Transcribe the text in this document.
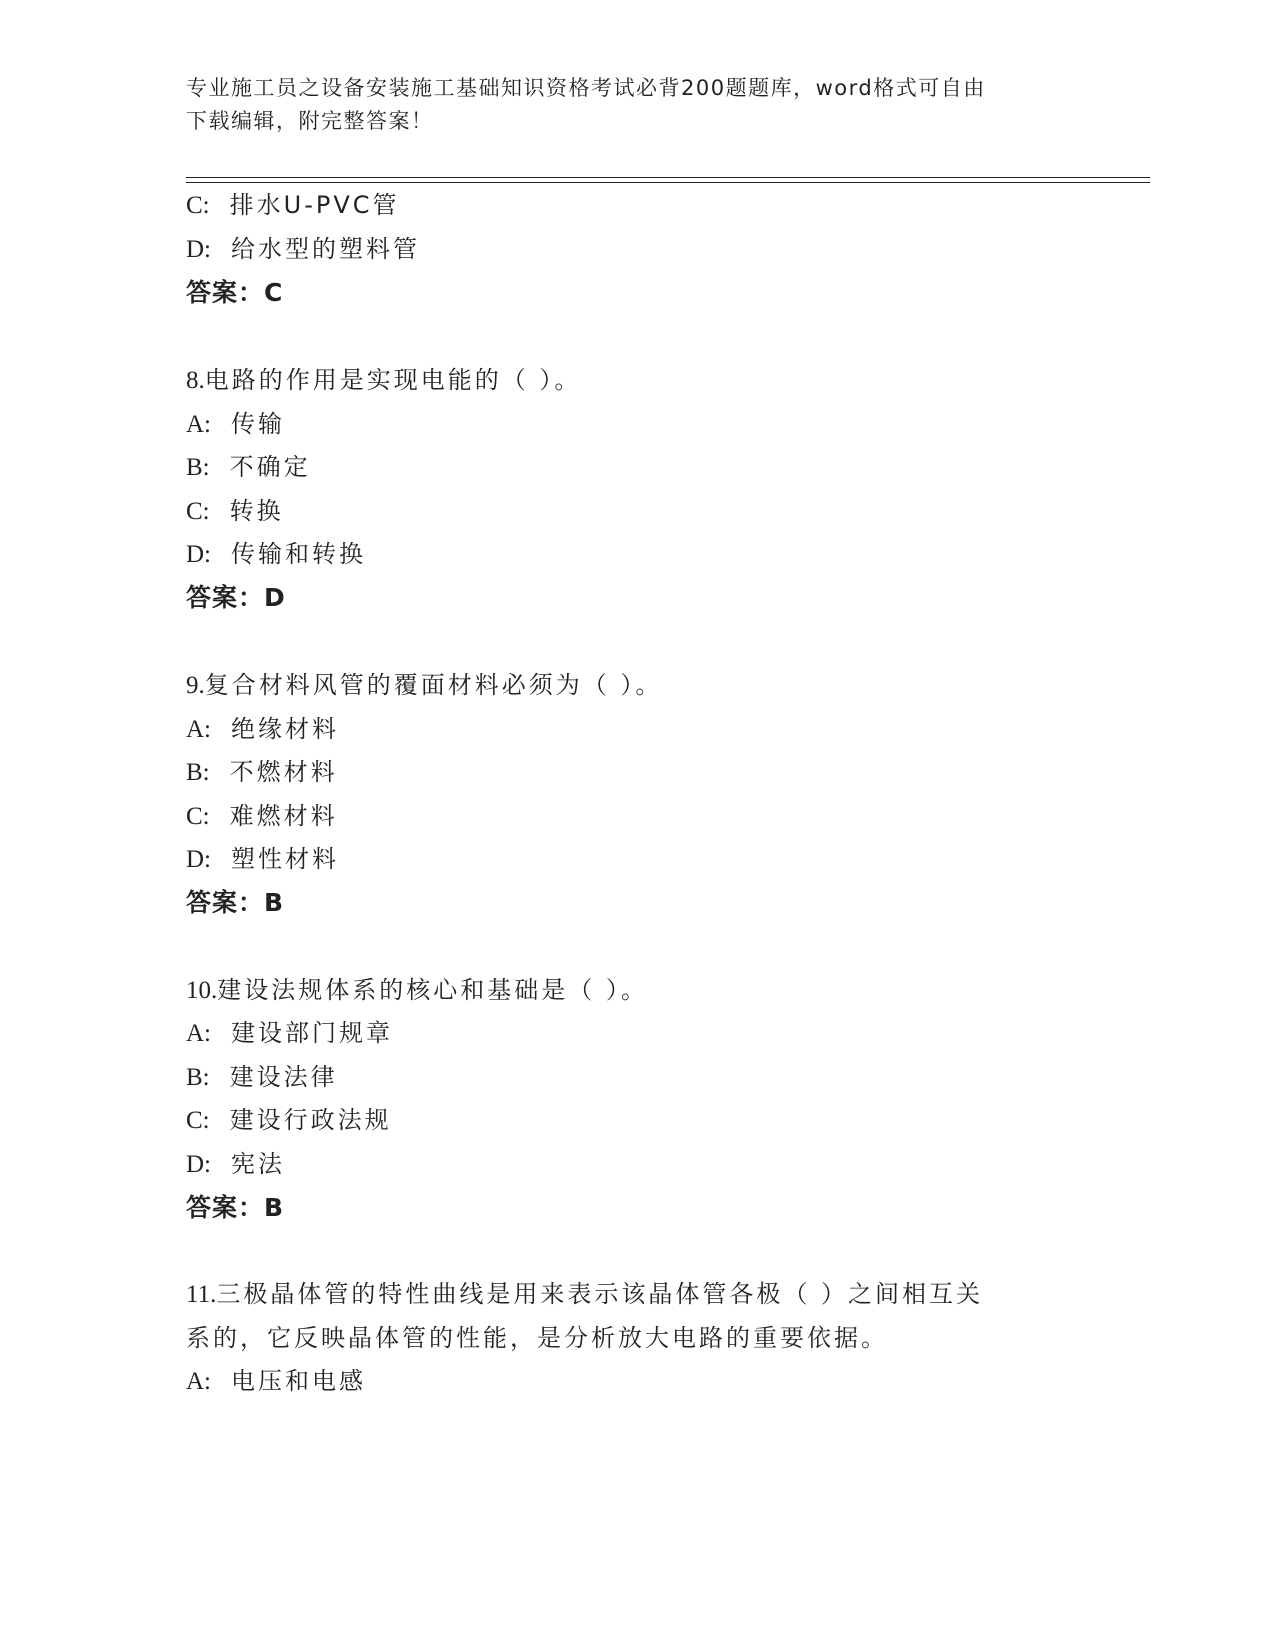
专业施工员之设备安装施工基础知识资格考试必背200题题库，word格式可自由
下载编辑，附完整答案！
C: 排水U-PVC管
D: 给水型的塑料管
答案：C
8.电路的作用是实现电能的（ ）。
A: 传输
B: 不确定
C: 转换
D: 传输和转换
答案：D
9.复合材料风管的覆面材料必须为（ ）。
A: 绝缘材料
B: 不燃材料
C: 难燃材料
D: 塑性材料
答案：B
10.建设法规体系的核心和基础是（ ）。
A: 建设部门规章
B: 建设法律
C: 建设行政法规
D: 宪法
答案：B
11.三极晶体管的特性曲线是用来表示该晶体管各极（ ）之间相互关
系的，它反映晶体管的性能，是分析放大电路的重要依据。
A: 电压和电感
